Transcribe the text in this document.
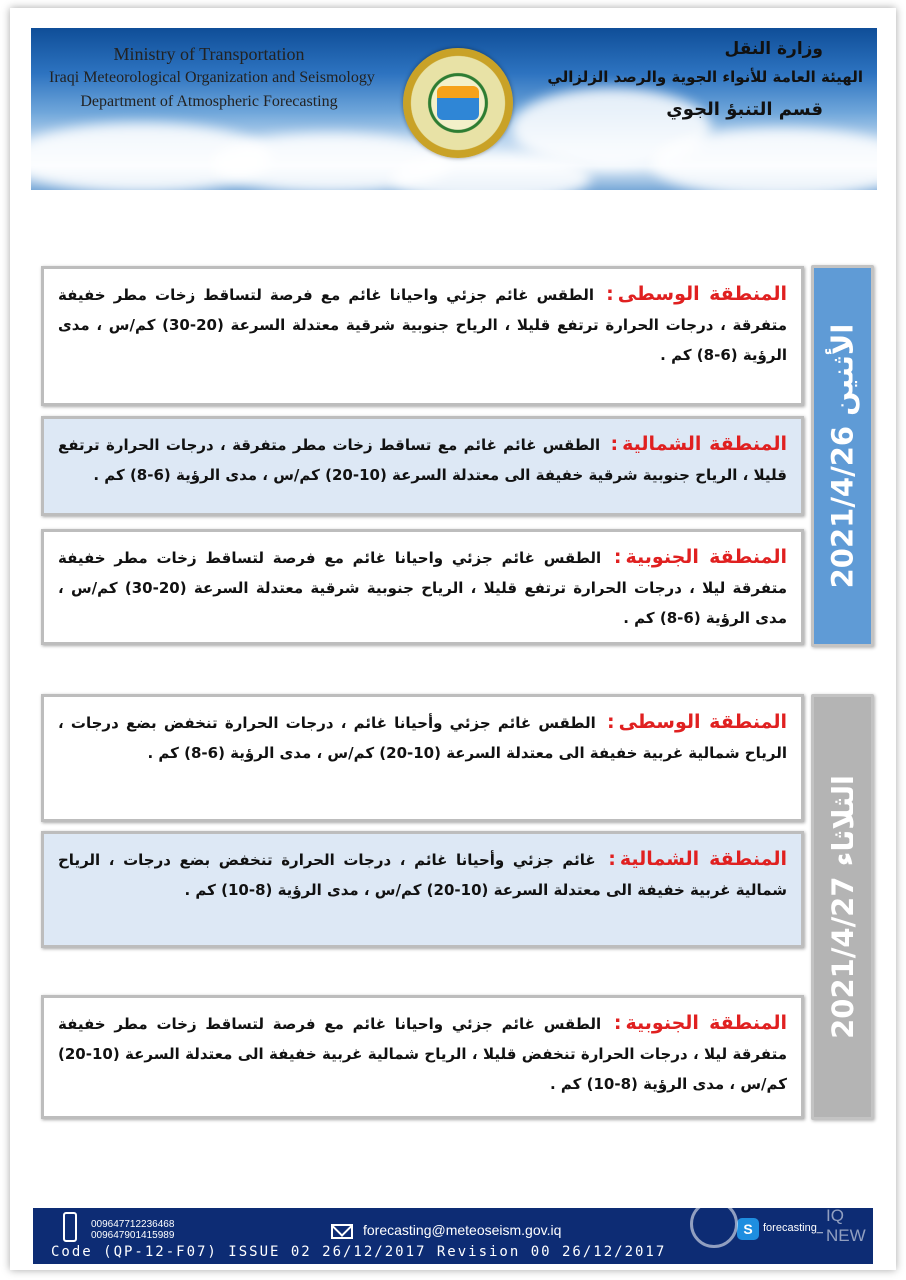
Ministry of Transportation
Iraqi Meteorological Organization and Seismology
Department of Atmospheric Forecasting
وزارة النقل
الهيئة العامة للأنواء الجوية والرصد الزلزالي
قسم التنبؤ الجوي
الأثنين 2021/4/26
المنطقة الوسطى: الطقس غائم جزئي واحيانا غائم مع فرصة لتساقط زخات مطر خفيفة متفرقة ، درجات الحرارة ترتفع قليلا ، الرياح جنوبية شرقية معتدلة السرعة (20-30) كم/س ، مدى الرؤية (6-8) كم .
المنطقة الشمالية: الطقس غائم غائم مع تساقط زخات مطر متفرقة ، درجات الحرارة ترتفع قليلا ، الرياح جنوبية شرقية خفيفة الى معتدلة السرعة (10-20) كم/س ، مدى الرؤية (6-8) كم .
المنطقة الجنوبية: الطقس غائم جزئي واحيانا غائم مع فرصة لتساقط زخات مطر خفيفة متفرقة ليلا ، درجات الحرارة ترتفع قليلا ، الرياح جنوبية شرقية معتدلة السرعة (20-30) كم/س ، مدى الرؤية (6-8) كم .
الثلاثاء 2021/4/27
المنطقة الوسطى: الطقس غائم جزئي وأحيانا غائم ، درجات الحرارة تنخفض بضع درجات ، الرياح شمالية غربية خفيفة الى معتدلة السرعة (10-20) كم/س ، مدى الرؤية (6-8) كم .
المنطقة الشمالية: غائم جزئي وأحيانا غائم ، درجات الحرارة تنخفض بضع درجات ، الرياح شمالية غربية خفيفة الى معتدلة السرعة (10-20) كم/س ، مدى الرؤية (8-10) كم .
المنطقة الجنوبية: الطقس غائم جزئي واحيانا غائم مع فرصة لتساقط زخات مطر خفيفة متفرقة ليلا ، درجات الحرارة تنخفض قليلا ، الرياح شمالية غربية خفيفة الى معتدلة السرعة (10-20) كم/س ، مدى الرؤية (8-10) كم .
009647712236468
009647901415989	forecasting@meteoseism.gov.iq	S forecasting_
Code (QP-12-F07) ISSUE 02 26/12/2017 Revision 00 26/12/2017
IQ NEW
